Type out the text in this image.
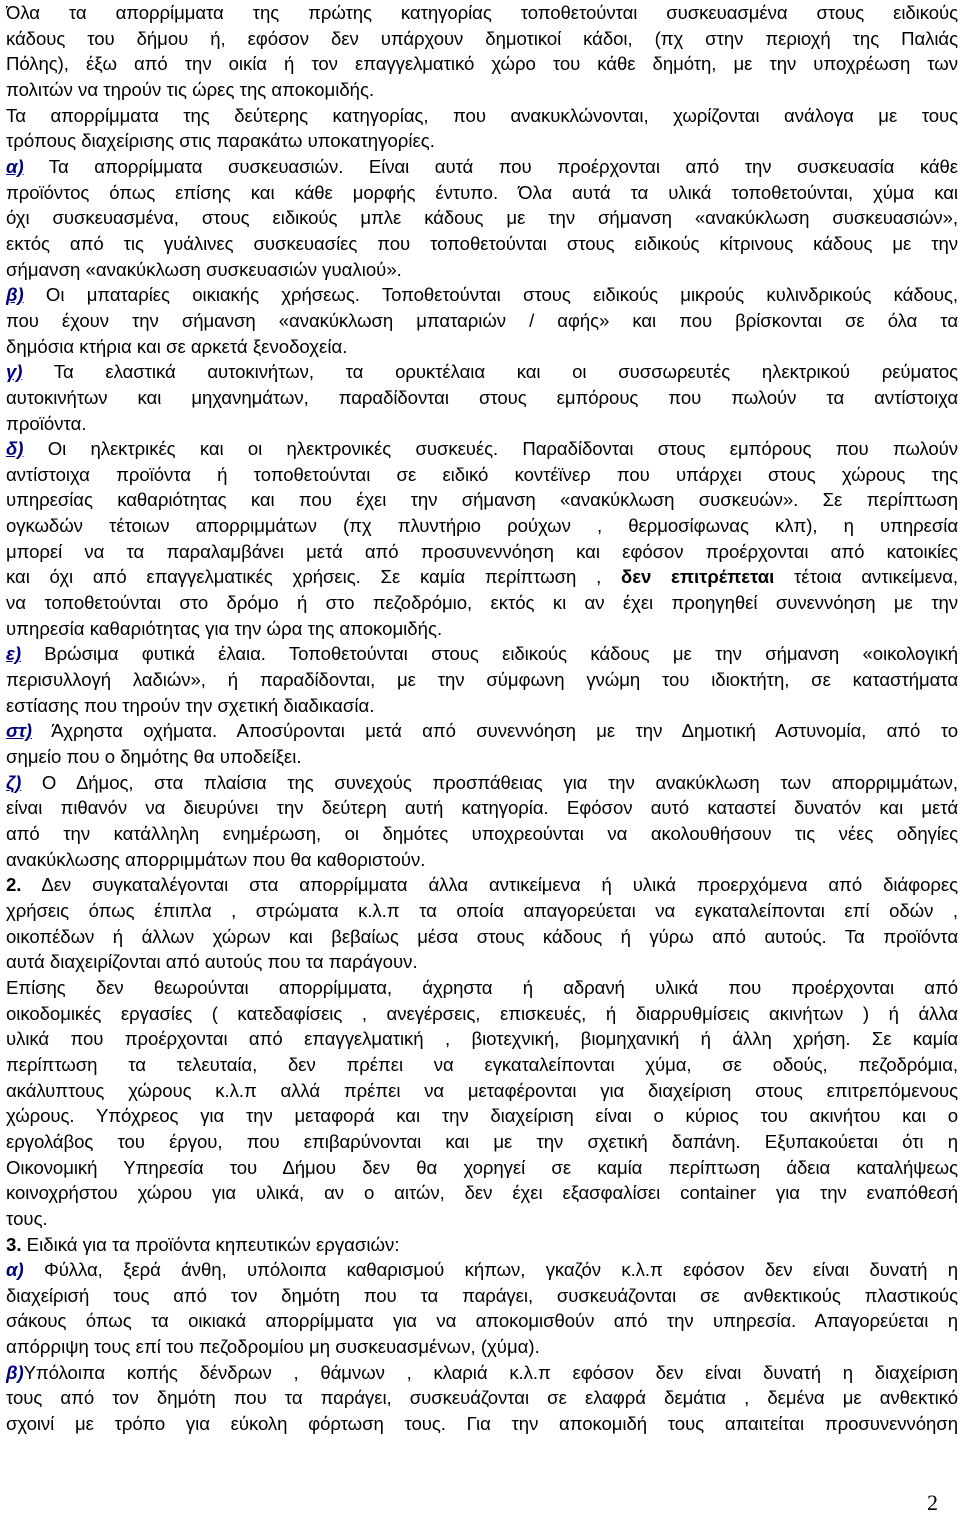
Όλα τα απορρίμματα της πρώτης κατηγορίας τοποθετούνται συσκευασμένα στους ειδικούς
κάδους του δήμου ή, εφόσον δεν υπάρχουν δημοτικοί κάδοι, (πχ στην περιοχή της Παλιάς
Πόλης), έξω από την οικία ή τον επαγγελματικό χώρο του κάθε δημότη, με την υποχρέωση των
πολιτών να τηρούν τις ώρες της αποκομιδής.
Τα απορρίμματα της δεύτερης κατηγορίας, που ανακυκλώνονται, χωρίζονται ανάλογα με τους
τρόπους διαχείρισης στις παρακάτω υποκατηγορίες.
α) Τα απορρίμματα συσκευασιών. Είναι αυτά που προέρχονται από την συσκευασία κάθε
προϊόντος όπως επίσης και κάθε μορφής έντυπο. Όλα αυτά τα υλικά τοποθετούνται, χύμα και
όχι συσκευασμένα, στους ειδικούς μπλε κάδους με την σήμανση «ανακύκλωση συσκευασιών»,
εκτός από τις γυάλινες συσκευασίες που τοποθετούνται στους ειδικούς κίτρινους κάδους με την
σήμανση «ανακύκλωση συσκευασιών γυαλιού».
β) Οι μπαταρίες οικιακής χρήσεως. Τοποθετούνται στους ειδικούς μικρούς κυλινδρικούς κάδους,
που έχουν την σήμανση «ανακύκλωση μπαταριών / αφής» και που βρίσκονται σε όλα τα
δημόσια κτήρια και σε αρκετά ξενοδοχεία.
γ) Τα ελαστικά αυτοκινήτων, τα ορυκτέλαια και οι συσσωρευτές ηλεκτρικού ρεύματος
αυτοκινήτων και μηχανημάτων, παραδίδονται στους εμπόρους που πωλούν τα αντίστοιχα
προϊόντα.
δ) Οι ηλεκτρικές και οι ηλεκτρονικές συσκευές. Παραδίδονται στους εμπόρους που πωλούν
αντίστοιχα προϊόντα ή τοποθετούνται σε ειδικό κοντέϊνερ που υπάρχει στους χώρους της
υπηρεσίας καθαριότητας και που έχει την σήμανση «ανακύκλωση συσκευών». Σε περίπτωση
ογκωδών τέτοιων απορριμμάτων (πχ πλυντήριο ρούχων , θερμοσίφωνας κλπ), η υπηρεσία
μπορεί να τα παραλαμβάνει μετά από προσυνεννόηση και εφόσον προέρχονται από κατοικίες
και όχι από επαγγελματικές χρήσεις. Σε καμία περίπτωση , δεν επιτρέπεται τέτοια αντικείμενα,
να τοποθετούνται στο δρόμο ή στο πεζοδρόμιο, εκτός κι αν έχει προηγηθεί συνεννόηση με την
υπηρεσία καθαριότητας για την ώρα της αποκομιδής.
ε) Βρώσιμα φυτικά έλαια. Τοποθετούνται στους ειδικούς κάδους με την σήμανση «οικολογική
περισυλλογή λαδιών», ή παραδίδονται, με την σύμφωνη γνώμη του ιδιοκτήτη, σε καταστήματα
εστίασης που τηρούν την σχετική διαδικασία.
στ) Άχρηστα οχήματα. Αποσύρονται μετά από συνεννόηση με την Δημοτική Αστυνομία, από το
σημείο που ο δημότης θα υποδείξει.
ζ) Ο Δήμος, στα πλαίσια της συνεχούς προσπάθειας για την ανακύκλωση των απορριμμάτων,
είναι πιθανόν να διευρύνει την δεύτερη αυτή κατηγορία. Εφόσον αυτό καταστεί δυνατόν και μετά
από την κατάλληλη ενημέρωση, οι δημότες υποχρεούνται να ακολουθήσουν τις νέες οδηγίες
ανακύκλωσης απορριμμάτων που θα καθοριστούν.
2. Δεν συγκαταλέγονται στα απορρίμματα άλλα αντικείμενα ή υλικά προερχόμενα από διάφορες
χρήσεις όπως έπιπλα , στρώματα κ.λ.π τα οποία απαγορεύεται να εγκαταλείπονται επί οδών ,
οικοπέδων ή άλλων χώρων και βεβαίως μέσα στους κάδους ή γύρω από αυτούς. Τα προϊόντα
αυτά διαχειρίζονται από αυτούς που τα παράγουν.
Επίσης δεν θεωρούνται απορρίμματα, άχρηστα ή αδρανή υλικά που προέρχονται από
οικοδομικές εργασίες ( κατεδαφίσεις , ανεγέρσεις, επισκευές, ή διαρρυθμίσεις ακινήτων ) ή άλλα
υλικά που προέρχονται από επαγγελματική , βιοτεχνική, βιομηχανική ή άλλη χρήση. Σε καμία
περίπτωση τα τελευταία, δεν πρέπει να εγκαταλείπονται χύμα, σε οδούς, πεζοδρόμια,
ακάλυπτους χώρους κ.λ.π αλλά πρέπει να μεταφέρονται για διαχείριση στους επιτρεπόμενους
χώρους. Υπόχρεος για την μεταφορά και την διαχείριση είναι ο κύριος του ακινήτου και ο
εργολάβος του έργου, που επιβαρύνονται και με την σχετική δαπάνη. Εξυπακούεται ότι η
Οικονομική Υπηρεσία του Δήμου δεν θα χορηγεί σε καμία περίπτωση άδεια καταλήψεως
κοινοχρήστου χώρου για υλικά, αν ο αιτών, δεν έχει εξασφαλίσει container για την εναπόθεσή
τους.
3. Ειδικά για τα προϊόντα κηπευτικών εργασιών:
α) Φύλλα, ξερά άνθη, υπόλοιπα καθαρισμού κήπων, γκαζόν κ.λ.π εφόσον δεν είναι δυνατή η
διαχείρισή τους από τον δημότη που τα παράγει, συσκευάζονται σε ανθεκτικούς πλαστικούς
σάκους όπως τα οικιακά απορρίμματα για να αποκομισθούν από την υπηρεσία. Απαγορεύεται η
απόρριψη τους επί του πεζοδρομίου μη συσκευασμένων, (χύμα).
β)Υπόλοιπα κοπής δένδρων , θάμνων , κλαριά κ.λ.π εφόσον δεν είναι δυνατή η διαχείριση
τους από τον δημότη που τα παράγει, συσκευάζονται σε ελαφρά δεμάτια , δεμένα με ανθεκτικό
σχοινί με τρόπο για εύκολη φόρτωση τους. Για την αποκομιδή τους απαιτείται προσυνεννόηση
2
